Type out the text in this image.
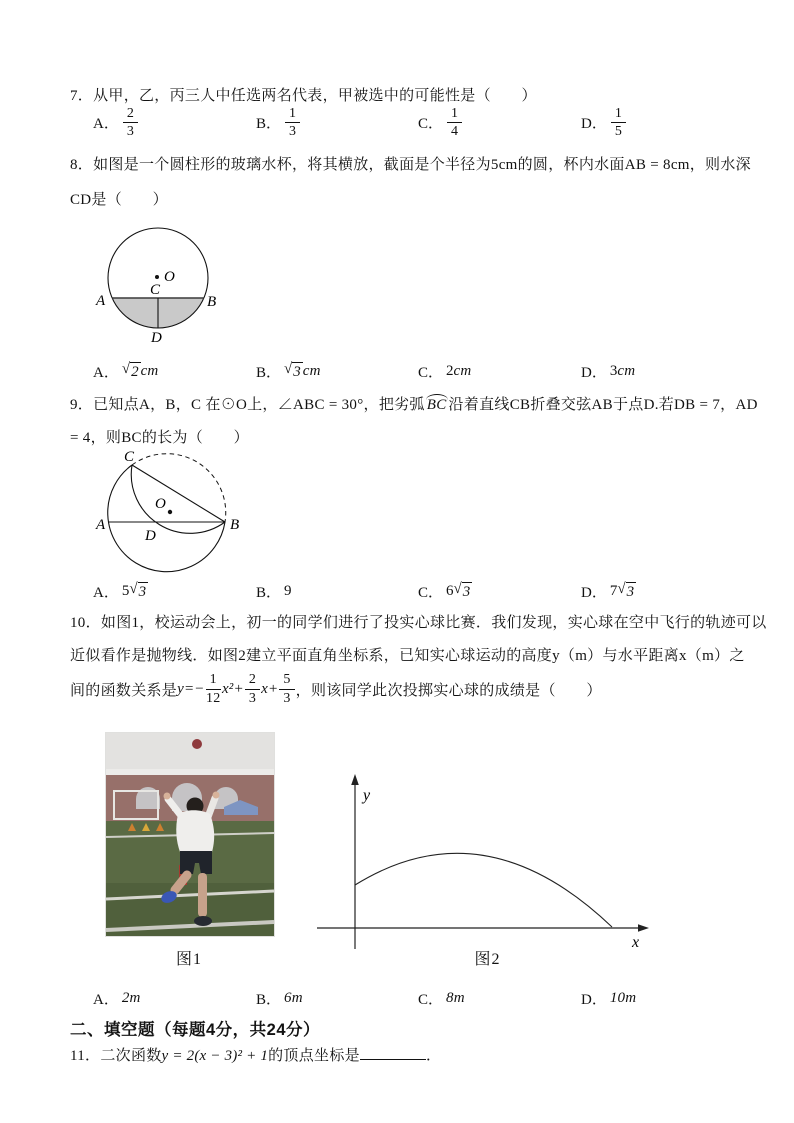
7．从甲，乙，丙三人中任选两名代表，甲被选中的可能性是（　　）
A． $\frac{2}{3}$	B． $\frac{1}{3}$	C． $\frac{1}{4}$	D． $\frac{1}{5}$
8．如图是一个圆柱形的玻璃水杯，将其横放，截面是个半径为5cm的圆，杯内水面AB = 8cm，则水深
CD是（　　）
O
A	B
C
D
A． √ 2 cm	B． √ 3 cm	C． 2 cm	D． 3 cm
9．已知点A，B，C 在⊙O上，∠ABC = 30°，把劣弧 BC 沿着直线CB折叠交弦AB于点D.若DB = 7，AD
= 4，则BC的长为（　　）
C
O
A	B
D
A． 5 √ 3	B． 9	C． 6 √ 3	D． 7 √ 3
10．如图1，校运动会上，初一的同学们进行了投实心球比赛．我们发现，实心球在空中飞行的轨迹可以
近似看作是抛物线．如图2建立平面直角坐标系，已知实心球运动的高度y（m）与水平距离x（m）之
间的函数关系是 $y=- \frac{1}{12} x^2+ \frac{2}{3} x+ \frac{5}{3}$ ，则该同学此次投掷实心球的成绩是（　　）
图1
y
x
图2
A． 2m	B． 6m	C． 8m	D． 10m
二、填空题（每题4分，共24分）
11．二次函数y = 2(x − 3)² + 1的顶点坐标是	．
